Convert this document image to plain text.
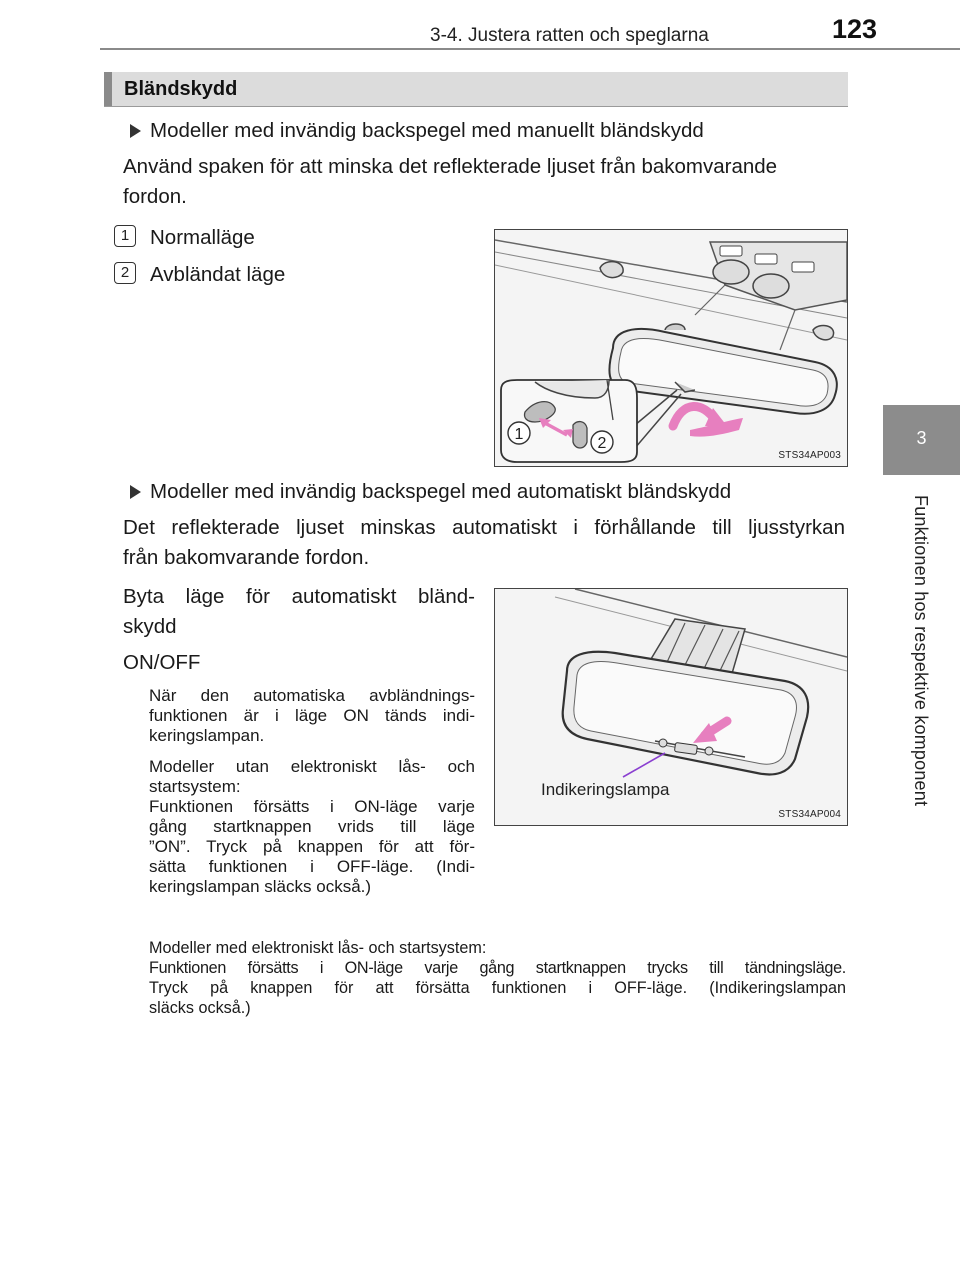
3-4. Justera ratten och speglarna	123
3
Funktionen hos respektive komponent
Bländskydd
Modeller med invändig backspegel med manuellt bländskydd
Använd spaken för att minska det reflekterade ljuset från bakomvarande
fordon.
1	Normalläge
2	Avbländat läge
1
2
STS34AP003
Modeller med invändig backspegel med automatiskt bländskydd
Det reflekterade ljuset minskas automatiskt i förhållande till ljusstyrkan
från bakomvarande fordon.
Byta läge för automatiskt bländ-
skydd
ON/OFF
När den automatiska avbländnings-
funktionen är i läge ON tänds indi-
keringslampan.
Modeller utan elektroniskt lås- och
startsystem:
Funktionen försätts i ON-läge varje
gång startknappen vrids till läge
”ON”. Tryck på knappen för att för-
sätta funktionen i OFF-läge. (Indi-
keringslampan släcks också.)
Modeller med elektroniskt lås- och startsystem:
Funktionen försätts i ON-läge varje gång startknappen trycks till tändningsläge.
Tryck på knappen för att försätta funktionen i OFF-läge. (Indikeringslampan
släcks också.)
Indikeringslampa
STS34AP004
